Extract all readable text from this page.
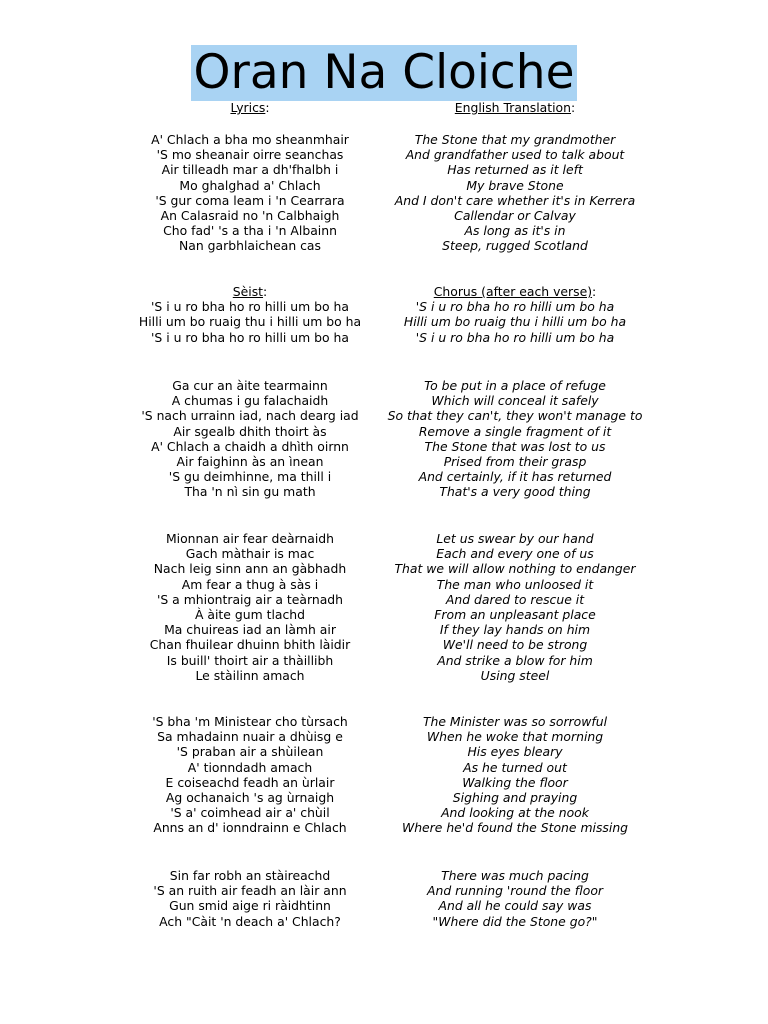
Oran Na Cloiche
Lyrics:
A' Chlach a bha mo sheanmhair
'S mo sheanair oirre seanchas
Air tilleadh mar a dh'fhalbh i
Mo ghalghad a' Chlach
'S gur coma leam i 'n Cearrara
An Calasraid no 'n Calbhaigh
Cho fad' 's a tha i 'n Albainn
Nan garbhlaichean cas
Sèist:
'S i u ro bha ho ro hilli um bo ha
Hilli um bo ruaig thu i hilli um bo ha
'S i u ro bha ho ro hilli um bo ha
Ga cur an àite tearmainn
A chumas i gu falachaidh
'S nach urrainn iad, nach dearg iad
Air sgealb dhith thoirt às
A' Chlach a chaidh a dhìth oirnn
Air faighinn às an ìnean
'S gu deimhinne, ma thill i
Tha 'n nì sin gu math
Mionnan air fear deàrnaidh
Gach màthair is mac
Nach leig sinn ann an gàbhadh
Am fear a thug à sàs i
'S a mhiontraig air a teàrnadh
À àite gum tlachd
Ma chuireas iad an làmh air
Chan fhuilear dhuinn bhith làidir
Is buill' thoirt air a thàillibh
Le stàilinn amach
'S bha 'm Ministear cho tùrsach
Sa mhadainn nuair a dhùisg e
'S praban air a shùilean
A' tionndadh amach
E coiseachd feadh an ùrlair
Ag ochanaich 's ag ùrnaigh
'S a' coimhead air a' chùil
Anns an d' ionndrainn e Chlach
Sin far robh an stàireachd
'S an ruith air feadh an làir ann
Gun smid aige ri ràidhtinn
Ach "Càit 'n deach a' Chlach?
English Translation:
The Stone that my grandmother
And grandfather used to talk about
Has returned as it left
My brave Stone
And I don't care whether it's in Kerrera
Callendar or Calvay
As long as it's in
Steep, rugged Scotland
Chorus (after each verse):
'S i u ro bha ho ro hilli um bo ha
Hilli um bo ruaig thu i hilli um bo ha
'S i u ro bha ho ro hilli um bo ha
To be put in a place of refuge
Which will conceal it safely
So that they can't, they won't manage to
Remove a single fragment of it
The Stone that was lost to us
Prised from their grasp
And certainly, if it has returned
That's a very good thing
Let us swear by our hand
Each and every one of us
That we will allow nothing to endanger
The man who unloosed it
And dared to rescue it
From an unpleasant place
If they lay hands on him
We'll need to be strong
And strike a blow for him
Using steel
The Minister was so sorrowful
When he woke that morning
His eyes bleary
As he turned out
Walking the floor
Sighing and praying
And looking at the nook
Where he'd found the Stone missing
There was much pacing
And running 'round the floor
And all he could say was
"Where did the Stone go?"
